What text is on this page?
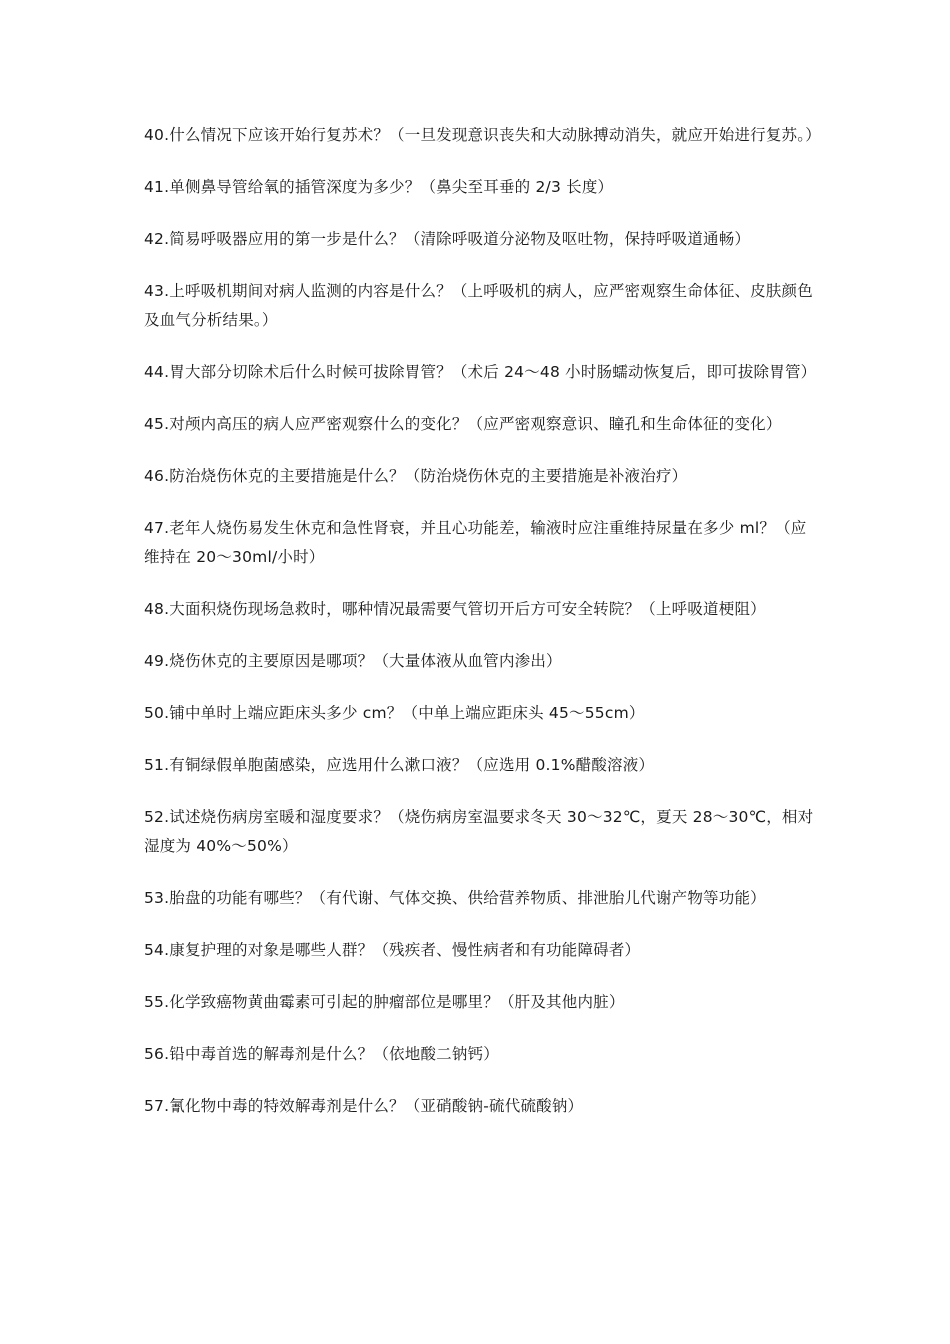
40.什么情况下应该开始行复苏术？（一旦发现意识丧失和大动脉搏动消失，就应开始进行复苏。）

41.单侧鼻导管给氧的插管深度为多少？（鼻尖至耳垂的 2/3 长度）

42.简易呼吸器应用的第一步是什么？（清除呼吸道分泌物及呕吐物，保持呼吸道通畅）

43.上呼吸机期间对病人监测的内容是什么？（上呼吸机的病人，应严密观察生命体征、皮肤颜色及血气分析结果。）

44.胃大部分切除术后什么时候可拔除胃管？（术后 24～48 小时肠蠕动恢复后，即可拔除胃管）

45.对颅内高压的病人应严密观察什么的变化？（应严密观察意识、瞳孔和生命体征的变化）

46.防治烧伤休克的主要措施是什么？（防治烧伤休克的主要措施是补液治疗）

47.老年人烧伤易发生休克和急性肾衰，并且心功能差，输液时应注重维持尿量在多少 ml？（应维持在 20～30ml/小时）

48.大面积烧伤现场急救时，哪种情况最需要气管切开后方可安全转院？（上呼吸道梗阻）

49.烧伤休克的主要原因是哪项？（大量体液从血管内渗出）

50.铺中单时上端应距床头多少 cm？（中单上端应距床头 45～55cm）

51.有铜绿假单胞菌感染，应选用什么漱口液？（应选用 0.1%醋酸溶液）

52.试述烧伤病房室暖和湿度要求？（烧伤病房室温要求冬天 30～32℃，夏天 28～30℃，相对湿度为 40%～50%）

53.胎盘的功能有哪些？（有代谢、气体交换、供给营养物质、排泄胎儿代谢产物等功能）

54.康复护理的对象是哪些人群？（残疾者、慢性病者和有功能障碍者）

55.化学致癌物黄曲霉素可引起的肿瘤部位是哪里？（肝及其他内脏）

56.铅中毒首选的解毒剂是什么？（依地酸二钠钙）

57.氰化物中毒的特效解毒剂是什么？（亚硝酸钠-硫代硫酸钠）
